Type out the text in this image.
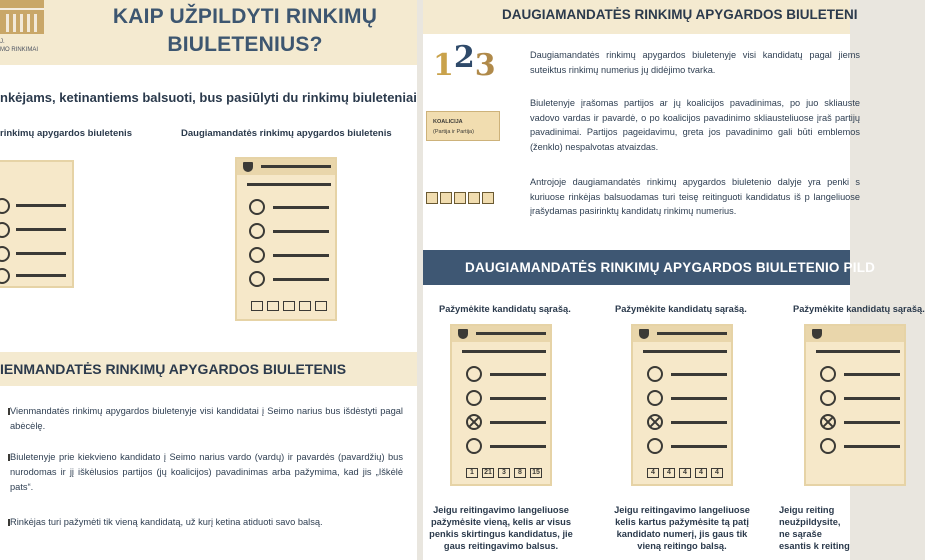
J.
MO RINKIMAI
KAIP UŽPILDYTI RINKIMŲ
BIULETENIUS?
nkėjams, ketinantiems balsuoti, bus pasiūlyti du rinkimų biuleteniai
rinkimų apygardos biuletenis	Daugiamandatės rinkimų apygardos biuletenis
IENMANDATĖS RINKIMŲ APYGARDOS BIULETENIS
Vienmandatės rinkimų apygardos biuletenyje visi kandidatai į Seimo narius bus išdėstyti pagal abėcėlę.
Biuletenyje prie kiekvieno kandidato į Seimo narius vardo (vardų) ir pavardės (pavardžių) bus nurodomas ir jį iškėlusios partijos (jų koalicijos) pavadinimas arba pažymima, kad jis „Iškėlė pats“.
Rinkėjas turi pažymėti tik vieną kandidatą, už kurį ketina atiduoti savo balsą.
DAUGIAMANDATĖS RINKIMŲ APYGARDOS BIULETENI
123
KOALICIJA
(Partija ir Partija)
Daugiamandatės rinkimų apygardos biuletenyje visi kandidatų pagal jiems suteiktus rinkimų numerius jų didėjimo tvarka.
Biuletenyje įrašomas partijos ar jų koalicijos pavadinimas, po juo skliauste vadovo vardas ir pavardė, o po koalicijos pavadinimo skliausteliuose įraš partijų pavadinimai. Partijos pageidavimu, greta jos pavadinimo gali būti emblemos (ženklo) nespalvotas atvaizdas.
Antrojoje daugiamandatės rinkimų apygardos biuletenio dalyje yra penki s kuriuose rinkėjas balsuodamas turi teisę reitinguoti kandidatus iš p langeliuose įrašydamas pasirinktų kandidatų rinkimų numerius.
DAUGIAMANDATĖS RINKIMŲ APYGARDOS BIULETENIO PILD
Pažymėkite kandidatų sąrašą.	Pažymėkite kandidatų sąrašą.	Pažymėkite kandidatų sąrašą.
1	21	3	8	15	4	4	4	4	4
Jeigu reitingavimo langeliuose pažymėsite vieną, kelis ar visus penkis skirtingus kandidatus, jie gaus reitingavimo balsus.
Jeigu reitingavimo langeliuose kelis kartus pažymėsite tą patį kandidato numerį, jis gaus tik vieną reitingo balsą.
Jeigu reiting neužpildysite, ne sąraše esantis k reiting
